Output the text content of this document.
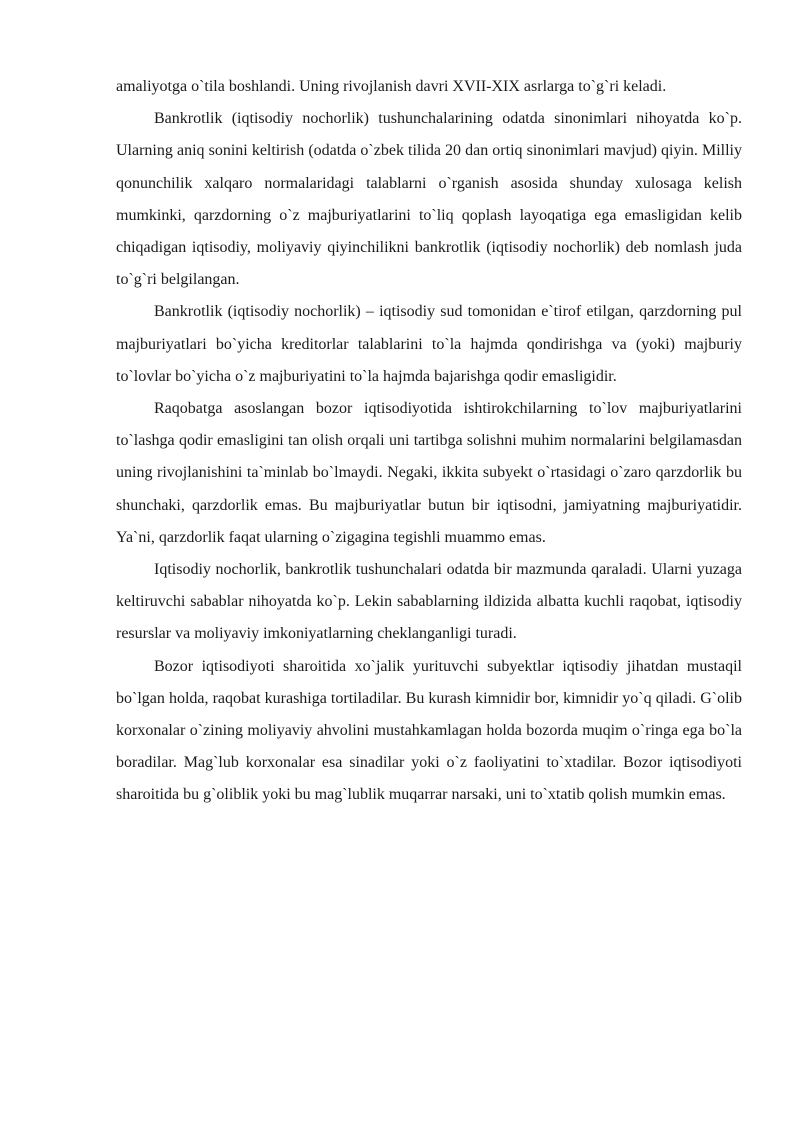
amaliyotga o`tila boshlandi. Uning rivojlanish davri XVII-XIX asrlarga to`g`ri keladi.

Bankrotlik (iqtisodiy nochorlik) tushunchalarining odatda sinonimlari nihoyatda ko`p. Ularning aniq sonini keltirish (odatda o`zbek tilida 20 dan ortiq sinonimlari mavjud) qiyin. Milliy qonunchilik xalqaro normalaridagi talablarni o`rganish asosida shunday xulosaga kelish mumkinki, qarzdorning o`z majburiyatlarini to`liq qoplash layoqatiga ega emasligidan kelib chiqadigan iqtisodiy, moliyaviy qiyinchilikni bankrotlik (iqtisodiy nochorlik) deb nomlash juda to`g`ri belgilangan.

Bankrotlik (iqtisodiy nochorlik) – iqtisodiy sud tomonidan e`tirof etilgan, qarzdorning pul majburiyatlari bo`yicha kreditorlar talablarini to`la hajmda qondirishga va (yoki) majburiy to`lovlar bo`yicha o`z majburiyatini to`la hajmda bajarishga qodir emasligidir.

Raqobatga asoslangan bozor iqtisodiyotida ishtirokchilarning to`lov majburiyatlarini to`lashga qodir emasligini tan olish orqali uni tartibga solishni muhim normalarini belgilamasdan uning rivojlanishini ta`minlab bo`lmaydi. Negaki, ikkita subyekt o`rtasidagi o`zaro qarzdorlik bu shunchaki, qarzdorlik emas. Bu majburiyatlar butun bir iqtisodni, jamiyatning majburiyatidir. Ya`ni, qarzdorlik faqat ularning o`zigagina tegishli muammo emas.

Iqtisodiy nochorlik, bankrotlik tushunchalari odatda bir mazmunda qaraladi. Ularni yuzaga keltiruvchi sabablar nihoyatda ko`p. Lekin sabablarning ildizida albatta kuchli raqobat, iqtisodiy resurslar va moliyaviy imkoniyatlarning cheklanganligi turadi.

Bozor iqtisodiyoti sharoitida xo`jalik yurituvchi subyektlar iqtisodiy jihatdan mustaqil bo`lgan holda, raqobat kurashiga tortiladilar. Bu kurash kimnidir bor, kimnidir yo`q qiladi. G`olib korxonalar o`zining moliyaviy ahvolini mustahkamlagan holda bozorda muqim o`ringa ega bo`la boradilar. Mag`lub korxonalar esa sinadilar yoki o`z faoliyatini to`xtadilar. Bozor iqtisodiyoti sharoitida bu g`oliblik yoki bu mag`lublik muqarrar narsaki, uni to`xtatib qolish mumkin emas.
